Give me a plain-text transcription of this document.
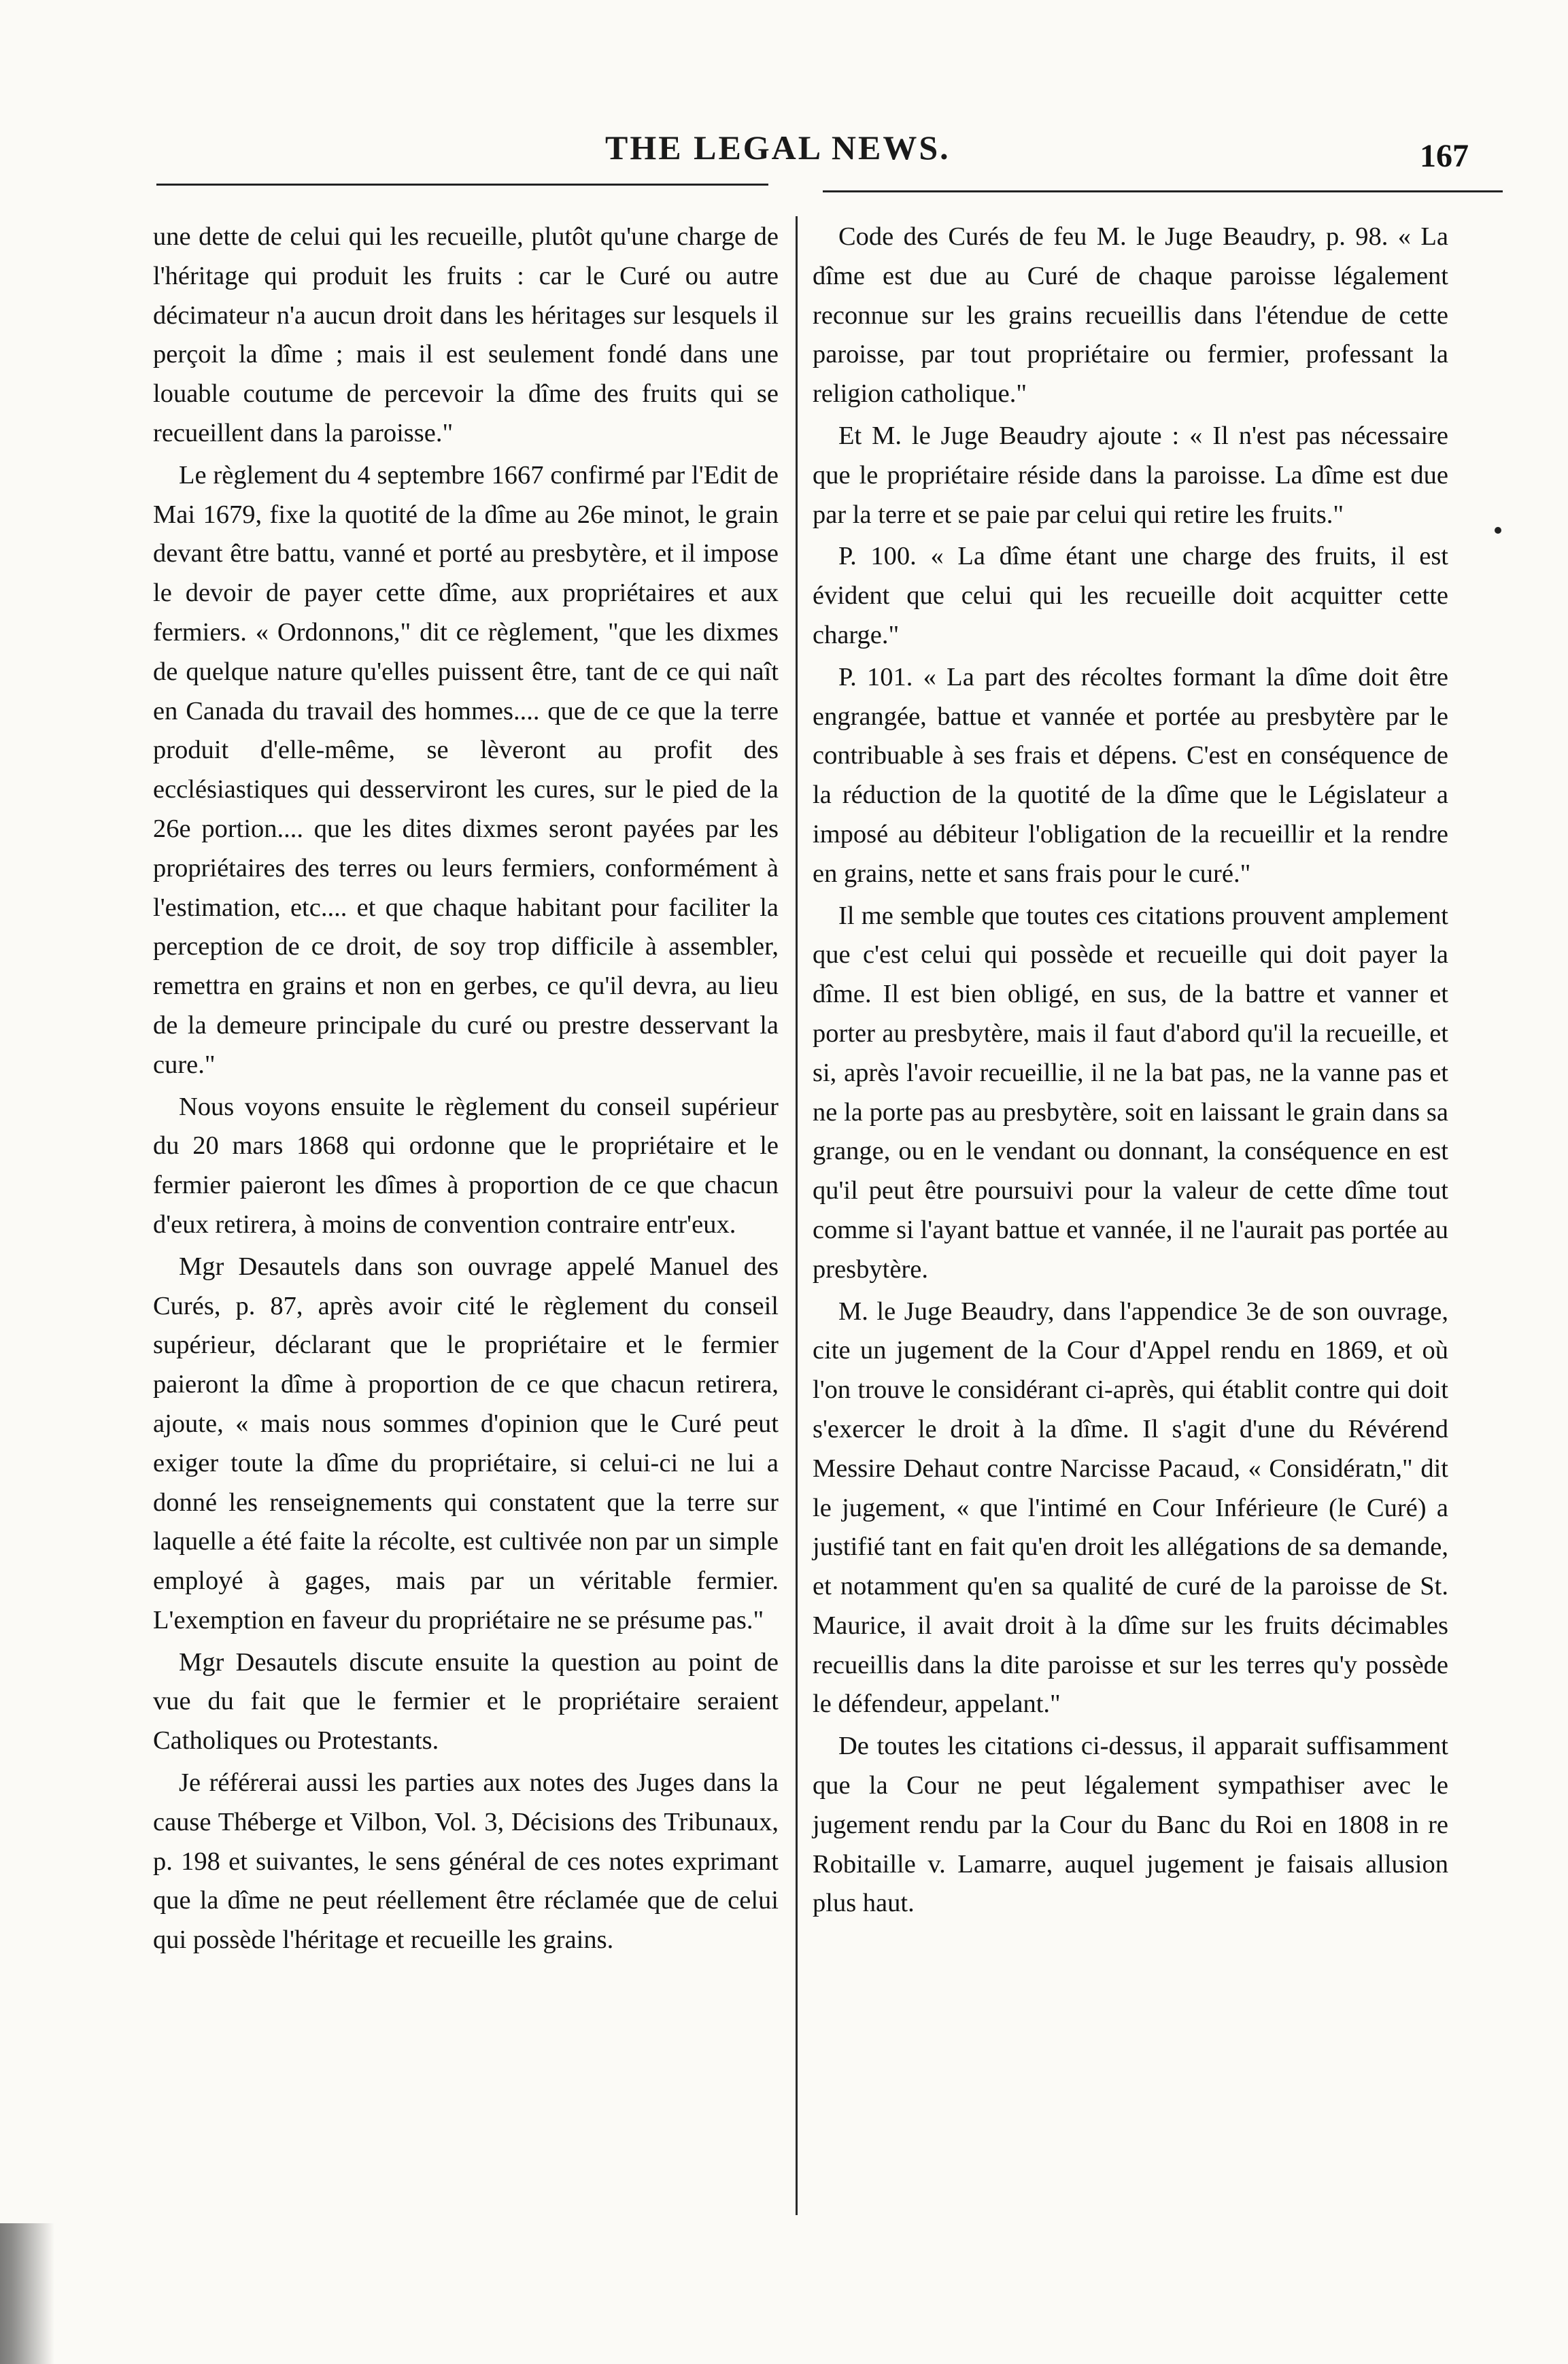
THE LEGAL NEWS.	167

une dette de celui qui les recueille, plutôt qu'une charge de l'héritage qui produit les fruits : car le Curé ou autre décimateur n'a aucun droit dans les héritages sur lesquels il perçoit la dîme ; mais il est seulement fondé dans une louable coutume de percevoir la dîme des fruits qui se recueillent dans la paroisse."

Le règlement du 4 septembre 1667 confirmé par l'Edit de Mai 1679, fixe la quotité de la dîme au 26e minot, le grain devant être battu, vanné et porté au presbytère, et il impose le devoir de payer cette dîme, aux propriétaires et aux fermiers. « Ordonnons," dit ce règlement, "que les dixmes de quelque nature qu'elles puissent être, tant de ce qui naît en Canada du travail des hommes.... que de ce que la terre produit d'elle-même, se lèveront au profit des ecclésiastiques qui desserviront les cures, sur le pied de la 26e portion.... que les dites dixmes seront payées par les propriétaires des terres ou leurs fermiers, conformément à l'estimation, etc.... et que chaque habitant pour faciliter la perception de ce droit, de soy trop difficile à assembler, remettra en grains et non en gerbes, ce qu'il devra, au lieu de la demeure principale du curé ou prestre desservant la cure."

Nous voyons ensuite le règlement du conseil supérieur du 20 mars 1868 qui ordonne que le propriétaire et le fermier paieront les dîmes à proportion de ce que chacun d'eux retirera, à moins de convention contraire entr'eux.

Mgr Desautels dans son ouvrage appelé Manuel des Curés, p. 87, après avoir cité le règlement du conseil supérieur, déclarant que le propriétaire et le fermier paieront la dîme à proportion de ce que chacun retirera, ajoute, « mais nous sommes d'opinion que le Curé peut exiger toute la dîme du propriétaire, si celui-ci ne lui a donné les renseignements qui constatent que la terre sur laquelle a été faite la récolte, est cultivée non par un simple employé à gages, mais par un véritable fermier. L'exemption en faveur du propriétaire ne se présume pas."

Mgr Desautels discute ensuite la question au point de vue du fait que le fermier et le propriétaire seraient Catholiques ou Protestants.

Je référerai aussi les parties aux notes des Juges dans la cause Théberge et Vilbon, Vol. 3, Décisions des Tribunaux, p. 198 et suivantes, le sens général de ces notes exprimant que la dîme ne peut réellement être réclamée que de celui qui possède l'héritage et recueille les grains.

Code des Curés de feu M. le Juge Beaudry, p. 98. « La dîme est due au Curé de chaque paroisse légalement reconnue sur les grains recueillis dans l'étendue de cette paroisse, par tout propriétaire ou fermier, professant la religion catholique."

Et M. le Juge Beaudry ajoute : « Il n'est pas nécessaire que le propriétaire réside dans la paroisse. La dîme est due par la terre et se paie par celui qui retire les fruits."

P. 100. « La dîme étant une charge des fruits, il est évident que celui qui les recueille doit acquitter cette charge."

P. 101. « La part des récoltes formant la dîme doit être engrangée, battue et vannée et portée au presbytère par le contribuable à ses frais et dépens. C'est en conséquence de la réduction de la quotité de la dîme que le Législateur a imposé au débiteur l'obligation de la recueillir et la rendre en grains, nette et sans frais pour le curé."

Il me semble que toutes ces citations prouvent amplement que c'est celui qui possède et recueille qui doit payer la dîme. Il est bien obligé, en sus, de la battre et vanner et porter au presbytère, mais il faut d'abord qu'il la recueille, et si, après l'avoir recueillie, il ne la bat pas, ne la vanne pas et ne la porte pas au presbytère, soit en laissant le grain dans sa grange, ou en le vendant ou donnant, la conséquence en est qu'il peut être poursuivi pour la valeur de cette dîme tout comme si l'ayant battue et vannée, il ne l'aurait pas portée au presbytère.

M. le Juge Beaudry, dans l'appendice 3e de son ouvrage, cite un jugement de la Cour d'Appel rendu en 1869, et où l'on trouve le considérant ci-après, qui établit contre qui doit s'exercer le droit à la dîme. Il s'agit d'une du Révérend Messire Dehaut contre Narcisse Pacaud, « Considératn," dit le jugement, « que l'intimé en Cour Inférieure (le Curé) a justifié tant en fait qu'en droit les allégations de sa demande, et notamment qu'en sa qualité de curé de la paroisse de St. Maurice, il avait droit à la dîme sur les fruits décimables recueillis dans la dite paroisse et sur les terres qu'y possède le défendeur, appelant."

De toutes les citations ci-dessus, il apparait suffisamment que la Cour ne peut légalement sympathiser avec le jugement rendu par la Cour du Banc du Roi en 1808 in re Robitaille v. Lamarre, auquel jugement je faisais allusion plus haut.
